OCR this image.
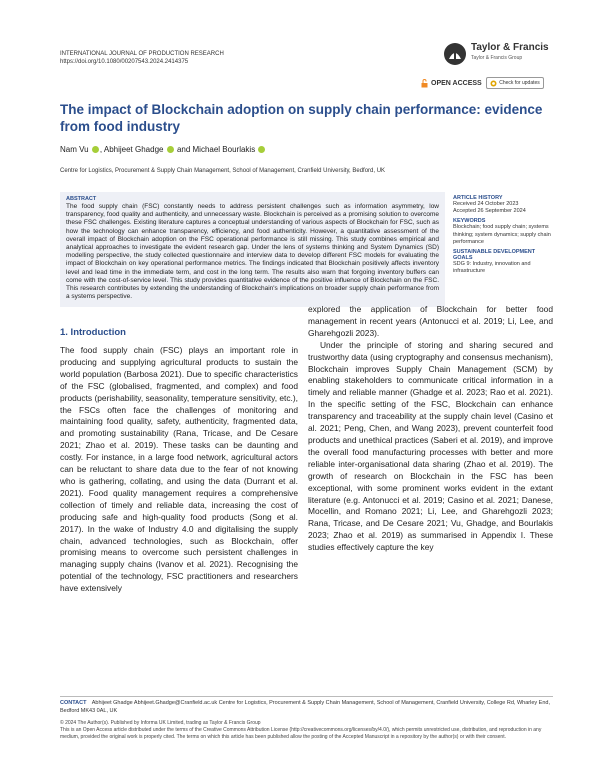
INTERNATIONAL JOURNAL OF PRODUCTION RESEARCH
https://doi.org/10.1080/00207543.2024.2414375
Taylor & Francis
Taylor & Francis Group
OPEN ACCESS	Check for updates
The impact of Blockchain adoption on supply chain performance: evidence from food industry
Nam Vu , Abhijeet Ghadge and Michael Bourlakis
Centre for Logistics, Procurement & Supply Chain Management, School of Management, Cranfield University, Bedford, UK
ABSTRACT
The food supply chain (FSC) constantly needs to address persistent challenges such as information asymmetry, low transparency, food quality and authenticity, and unnecessary waste. Blockchain is perceived as a promising solution to overcome these FSC challenges. Existing literature captures a conceptual understanding of various aspects of Blockchain for FSC, such as how the technology can enhance transparency, efficiency, and food authenticity. However, a quantitative assessment of the overall impact of Blockchain adoption on the FSC operational performance is still missing. This study combines empirical and analytical approaches to investigate the evident research gap. Under the lens of systems thinking and System Dynamics (SD) modelling perspective, the study collected questionnaire and interview data to develop different FSC models for evaluating the impact of Blockchain on key operational performance metrics. The findings indicated that Blockchain positively affects inventory level and lead time in the immediate term, and cost in the long term. The results also warn that forgoing inventory buffers can come with the cost-of-service level. This study provides quantitative evidence of the positive influence of Blockchain on the FSC. This research contributes by extending the understanding of Blockchain's implications on broader supply chain performance from a systems perspective.
ARTICLE HISTORY
Received 24 October 2023
Accepted 26 September 2024
KEYWORDS
Blockchain; food supply chain; systems thinking; system dynamics; supply chain performance
SUSTAINABLE DEVELOPMENT GOALS
SDG 9: Industry, innovation and infrastructure
1. Introduction

The food supply chain (FSC) plays an important role in producing and supplying agricultural products to sustain the world population (Barbosa 2021). Due to specific characteristics of the FSC (globalised, fragmented, and complex) and food products (perishability, seasonality, temperature sensitivity, etc.), the FSCs often face the challenges of monitoring and maintaining food quality, safety, authenticity, fragmented data, and promoting sustainability (Rana, Tricase, and De Cesare 2021; Zhao et al. 2019). These tasks can be daunting and costly. For instance, in a large food network, agricultural actors can be reluctant to share data due to the fear of not knowing who is gathering, collating, and using the data (Durrant et al. 2021). Food quality management requires a comprehensive collection of timely and reliable data, increasing the cost of producing safe and high-quality food products (Song et al. 2017). In the wake of Industry 4.0 and digitalising the supply chain, advanced technologies, such as Blockchain, offer promising means to overcome such persistent challenges in managing supply chains (Ivanov et al. 2021). Recognising the potential of the technology, FSC practitioners and researchers have extensively

explored the application of Blockchain for better food management in recent years (Antonucci et al. 2019; Li, Lee, and Gharehgozli 2023).

Under the principle of storing and sharing secured and trustworthy data (using cryptography and consensus mechanism), Blockchain improves Supply Chain Management (SCM) by enabling stakeholders to communicate critical information in a timely and reliable manner (Ghadge et al. 2023; Rao et al. 2021). In the specific setting of the FSC, Blockchain can enhance transparency and traceability at the supply chain level (Casino et al. 2021; Peng, Chen, and Wang 2023), prevent counterfeit food products and unethical practices (Saberi et al. 2019), and improve the overall food manufacturing processes with better and more reliable inter-organisational data sharing (Zhao et al. 2019). The growth of research on Blockchain in the FSC has been exceptional, with some prominent works evident in the extant literature (e.g. Antonucci et al. 2019; Casino et al. 2021; Danese, Mocellin, and Romano 2021; Li, Lee, and Gharehgozli 2023; Rana, Tricase, and De Cesare 2021; Vu, Ghadge, and Bourlakis 2023; Zhao et al. 2019) as summarised in Appendix I. These studies effectively capture the key

CONTACT Abhijeet Ghadge Abhijeet.Ghadge@Cranfield.ac.uk Centre for Logistics, Procurement & Supply Chain Management, School of Management, Cranfield University, College Rd, Wharley End, Bedford MK43 0AL, UK
© 2024 The Author(s). Published by Informa UK Limited, trading as Taylor & Francis Group
This is an Open Access article distributed under the terms of the Creative Commons Attribution License (http://creativecommons.org/licenses/by/4.0/), which permits unrestricted use, distribution, and reproduction in any medium, provided the original work is properly cited. The terms on which this article has been published allow the posting of the Accepted Manuscript in a repository by the author(s) or with their consent.
